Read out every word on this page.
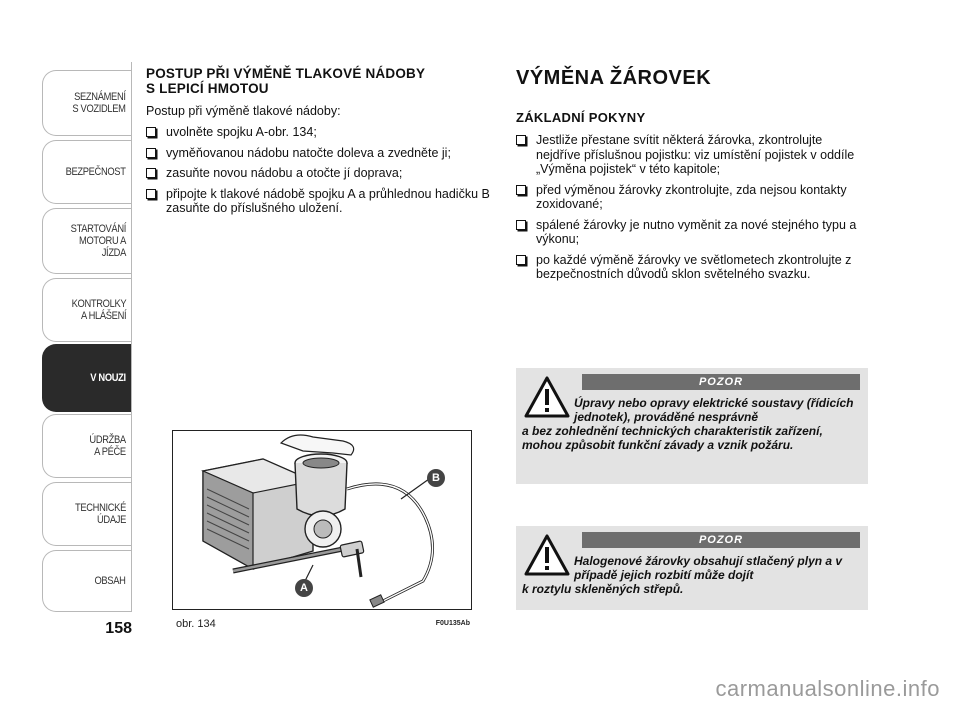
SEZNÁMENÍ
S VOZIDLEM
BEZPEČNOST
STARTOVÁNÍ
MOTORU A JÍZDA
KONTROLKY
A HLÁŠENÍ
V NOUZI
ÚDRŽBA
A PÉČE
TECHNICKÉ
ÚDAJE
OBSAH
158
POSTUP PŘI VÝMĚNĚ TLAKOVÉ NÁDOBY
S LEPICÍ HMOTOU

Postup při výměně tlakové nádoby:

uvolněte spojku A-obr. 134;
vyměňovanou nádobu natočte doleva a zvedněte ji;
zasuňte novou nádobu a otočte jí doprava;
připojte k tlakové nádobě spojku A a průhlednou hadičku B zasuňte do příslušného uložení.
B
A
obr. 134	F0U135Ab
VÝMĚNA ŽÁROVEK
ZÁKLADNÍ POKYNY
Jestliže přestane svítit některá žárovka, zkontrolujte nejdříve příslušnou pojistku: viz umístění pojistek v oddíle „Výměna pojistek“ v této kapitole;
před výměnou žárovky zkontrolujte, zda nejsou kontakty zoxidované;
spálené žárovky je nutno vyměnit za nové stejného typu a výkonu;
po každé výměně žárovky ve světlometech zkontrolujte z bezpečnostních důvodů sklon světelného svazku.
POZOR
Úpravy nebo opravy elektrické soustavy (řídicích jednotek), prováděné nesprávně
a bez zohlednění technických charakteristik zařízení, mohou způsobit funkční závady a vznik požáru.
POZOR
Halogenové žárovky obsahují stlačený plyn a v případě jejich rozbití může dojít
k roztylu skleněných střepů.
carmanualsonline.info
